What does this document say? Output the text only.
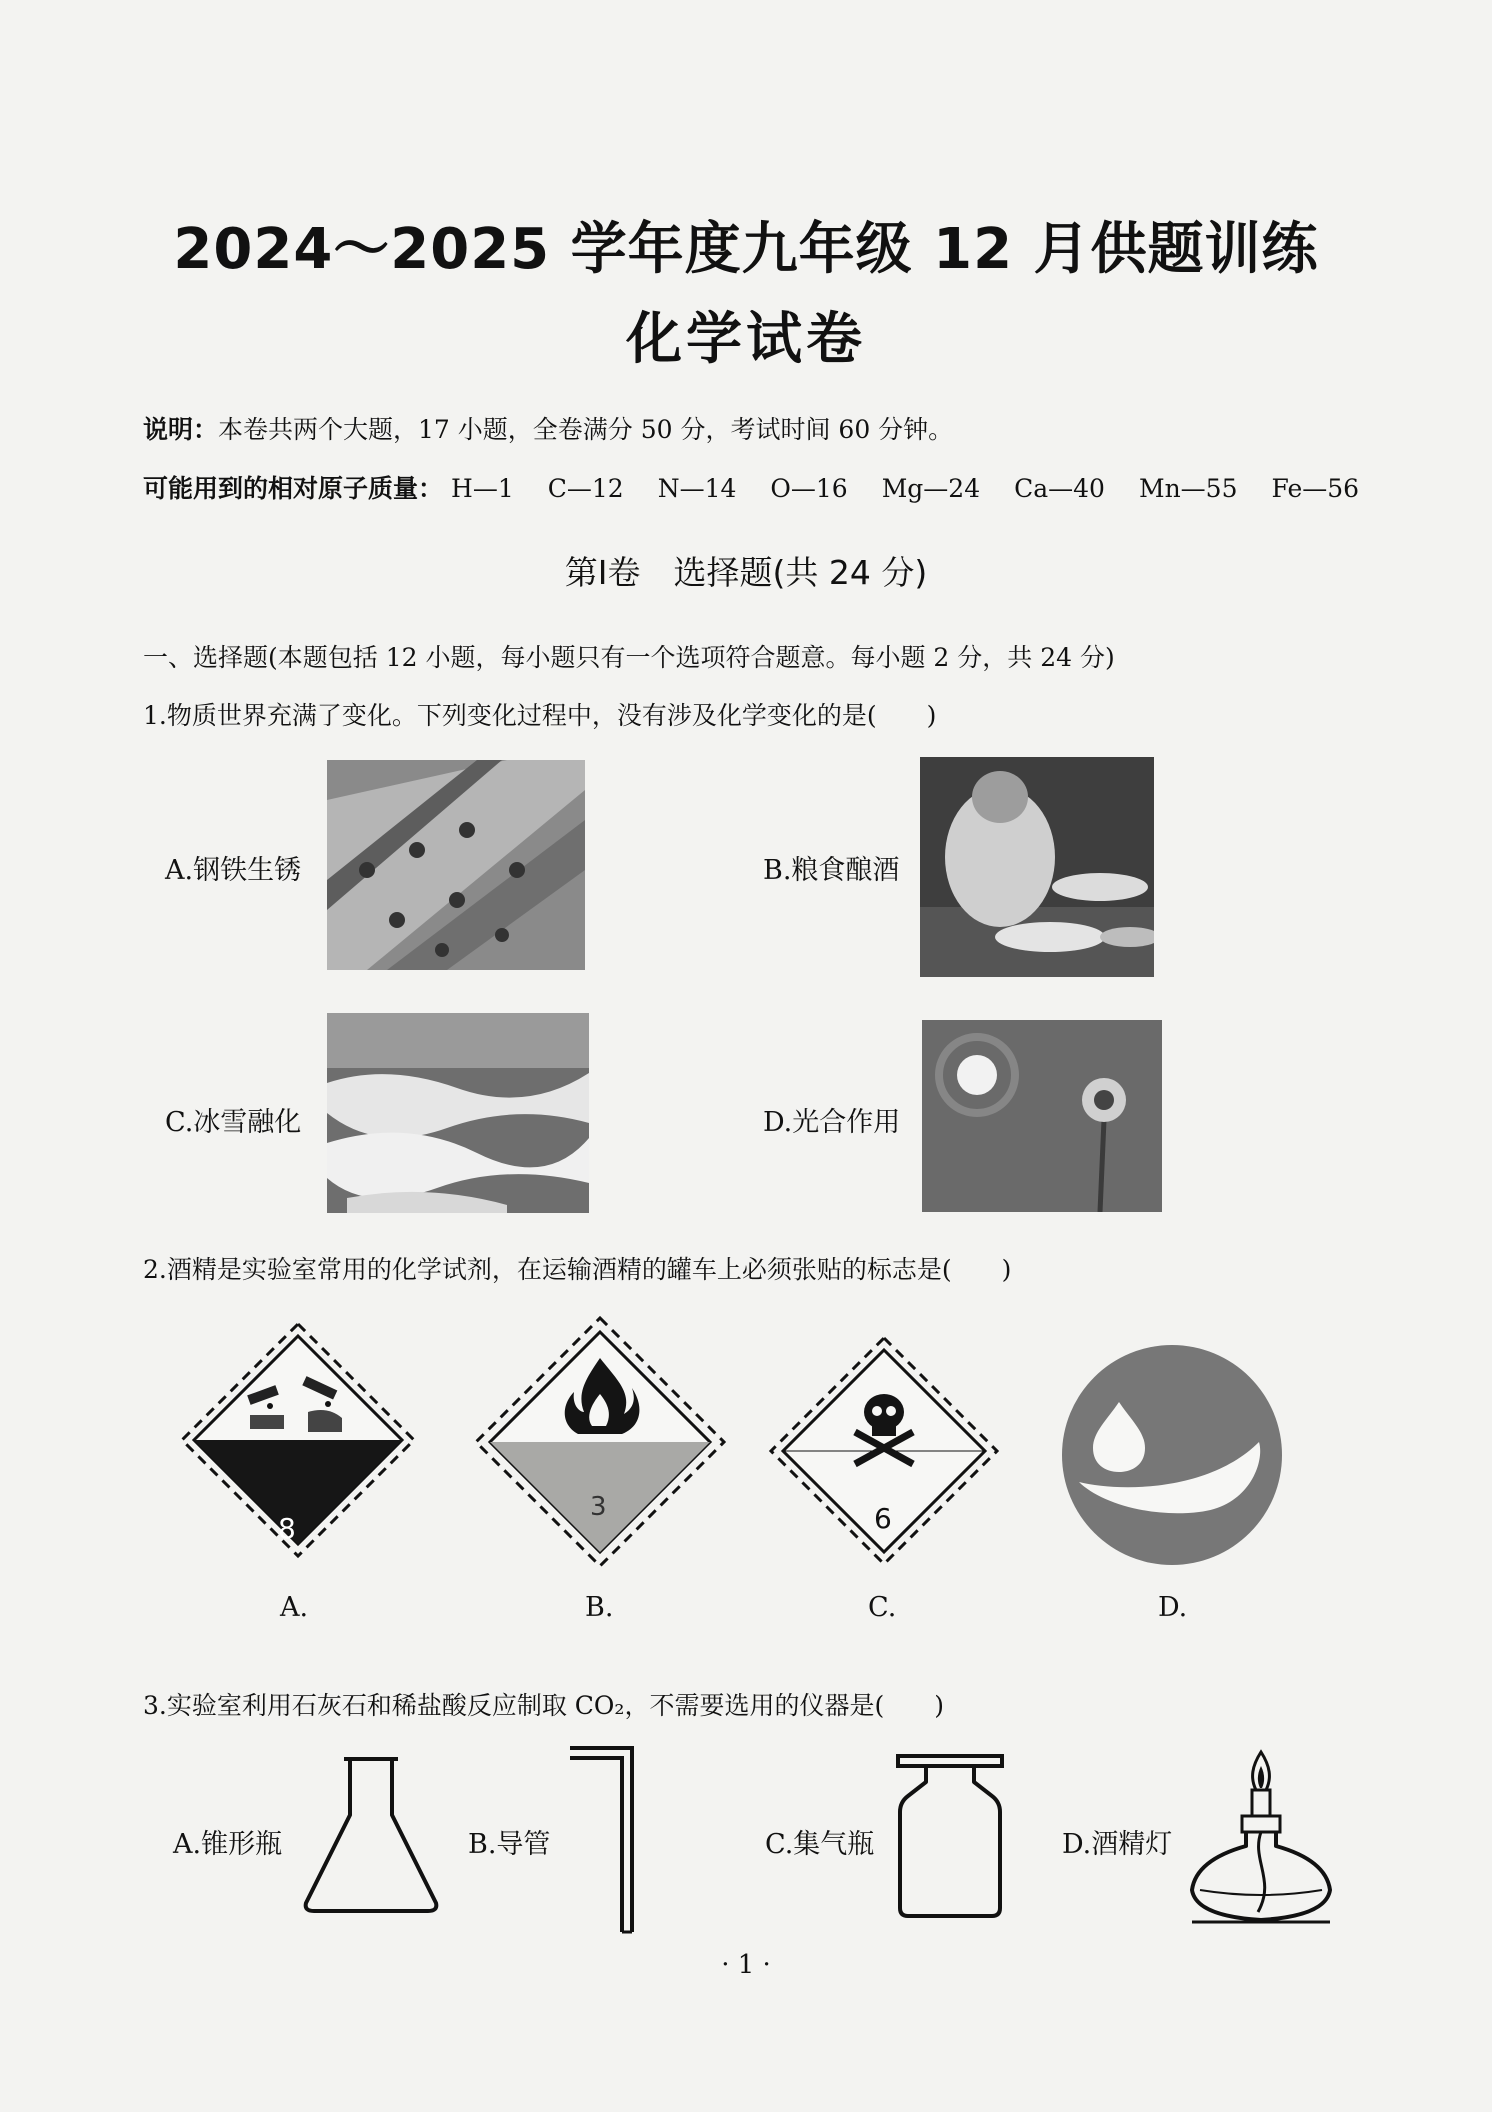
2024～2025 学年度九年级 12 月供题训练
化学试卷
说明：本卷共两个大题，17 小题，全卷满分 50 分，考试时间 60 分钟。
可能用到的相对原子质量： H—1 C—12 N—14 O—16 Mg—24 Ca—40 Mn—55 Fe—56
第Ⅰ卷　选择题(共 24 分)
一、选择题(本题包括 12 小题，每小题只有一个选项符合题意。每小题 2 分，共 24 分)
1.物质世界充满了变化。下列变化过程中，没有涉及化学变化的是(　　)
A.钢铁生锈	B.粮食酿酒
C.冰雪融化	D.光合作用
2.酒精是实验室常用的化学试剂，在运输酒精的罐车上必须张贴的标志是(　　)
8
3	6
A.	B.	C.	D.
3.实验室利用石灰石和稀盐酸反应制取 CO₂，不需要选用的仪器是(　　)
A.锥形瓶	B.导管	C.集气瓶	D.酒精灯
· 1 ·
